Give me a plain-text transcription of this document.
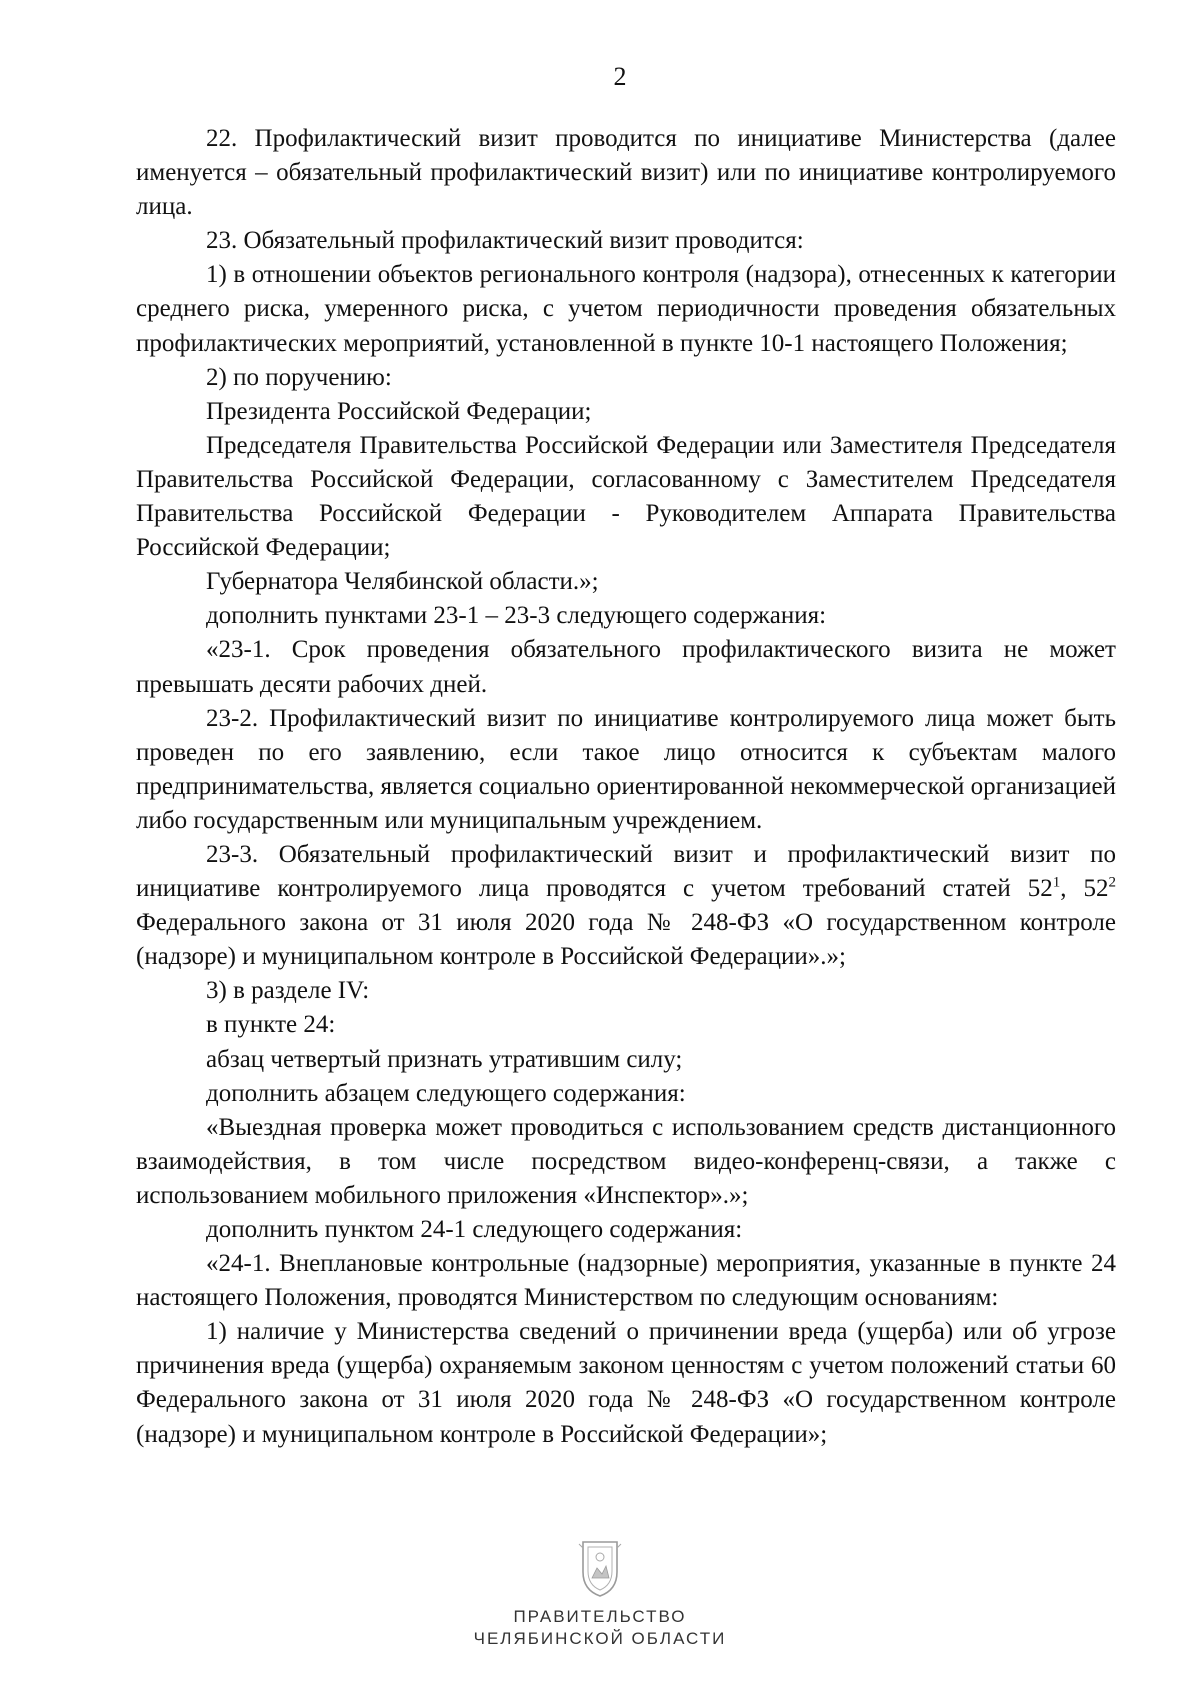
2

22. Профилактический визит проводится по инициативе Министерства (далее именуется – обязательный профилактический визит) или по инициативе контролируемого лица.

23. Обязательный профилактический визит проводится:

1) в отношении объектов регионального контроля (надзора), отнесенных к категории среднего риска, умеренного риска, с учетом периодичности проведения обязательных профилактических мероприятий, установленной в пункте 10-1 настоящего Положения;

2) по поручению:

Президента Российской Федерации;

Председателя Правительства Российской Федерации или Заместителя Председателя Правительства Российской Федерации, согласованному с Заместителем Председателя Правительства Российской Федерации - Руководителем Аппарата Правительства Российской Федерации;

Губернатора Челябинской области.»;

дополнить пунктами 23-1 – 23-3 следующего содержания:

«23-1. Срок проведения обязательного профилактического визита не может превышать десяти рабочих дней.

23-2. Профилактический визит по инициативе контролируемого лица может быть проведен по его заявлению, если такое лицо относится к субъектам малого предпринимательства, является социально ориентированной некоммерческой организацией либо государственным или муниципальным учреждением.

23-3. Обязательный профилактический визит и профилактический визит по инициативе контролируемого лица проводятся с учетом требований статей $52^1$, $52^2$ Федерального закона от 31 июля 2020 года № 248-ФЗ «О государственном контроле (надзоре) и муниципальном контроле в Российской Федерации».»;

3) в разделе IV:

в пункте 24:

абзац четвертый признать утратившим силу;

дополнить абзацем следующего содержания:

«Выездная проверка может проводиться с использованием средств дистанционного взаимодействия, в том числе посредством видео-конференц-связи, а также с использованием мобильного приложения «Инспектор».»;

дополнить пунктом 24-1 следующего содержания:

«24-1. Внеплановые контрольные (надзорные) мероприятия, указанные в пункте 24 настоящего Положения, проводятся Министерством по следующим основаниям:

1) наличие у Министерства сведений о причинении вреда (ущерба) или об угрозе причинения вреда (ущерба) охраняемым законом ценностям с учетом положений статьи 60 Федерального закона от 31 июля 2020 года № 248-ФЗ «О государственном контроле (надзоре) и муниципальном контроле в Российской Федерации»;

ПРАВИТЕЛЬСТВО
ЧЕЛЯБИНСКОЙ ОБЛАСТИ
